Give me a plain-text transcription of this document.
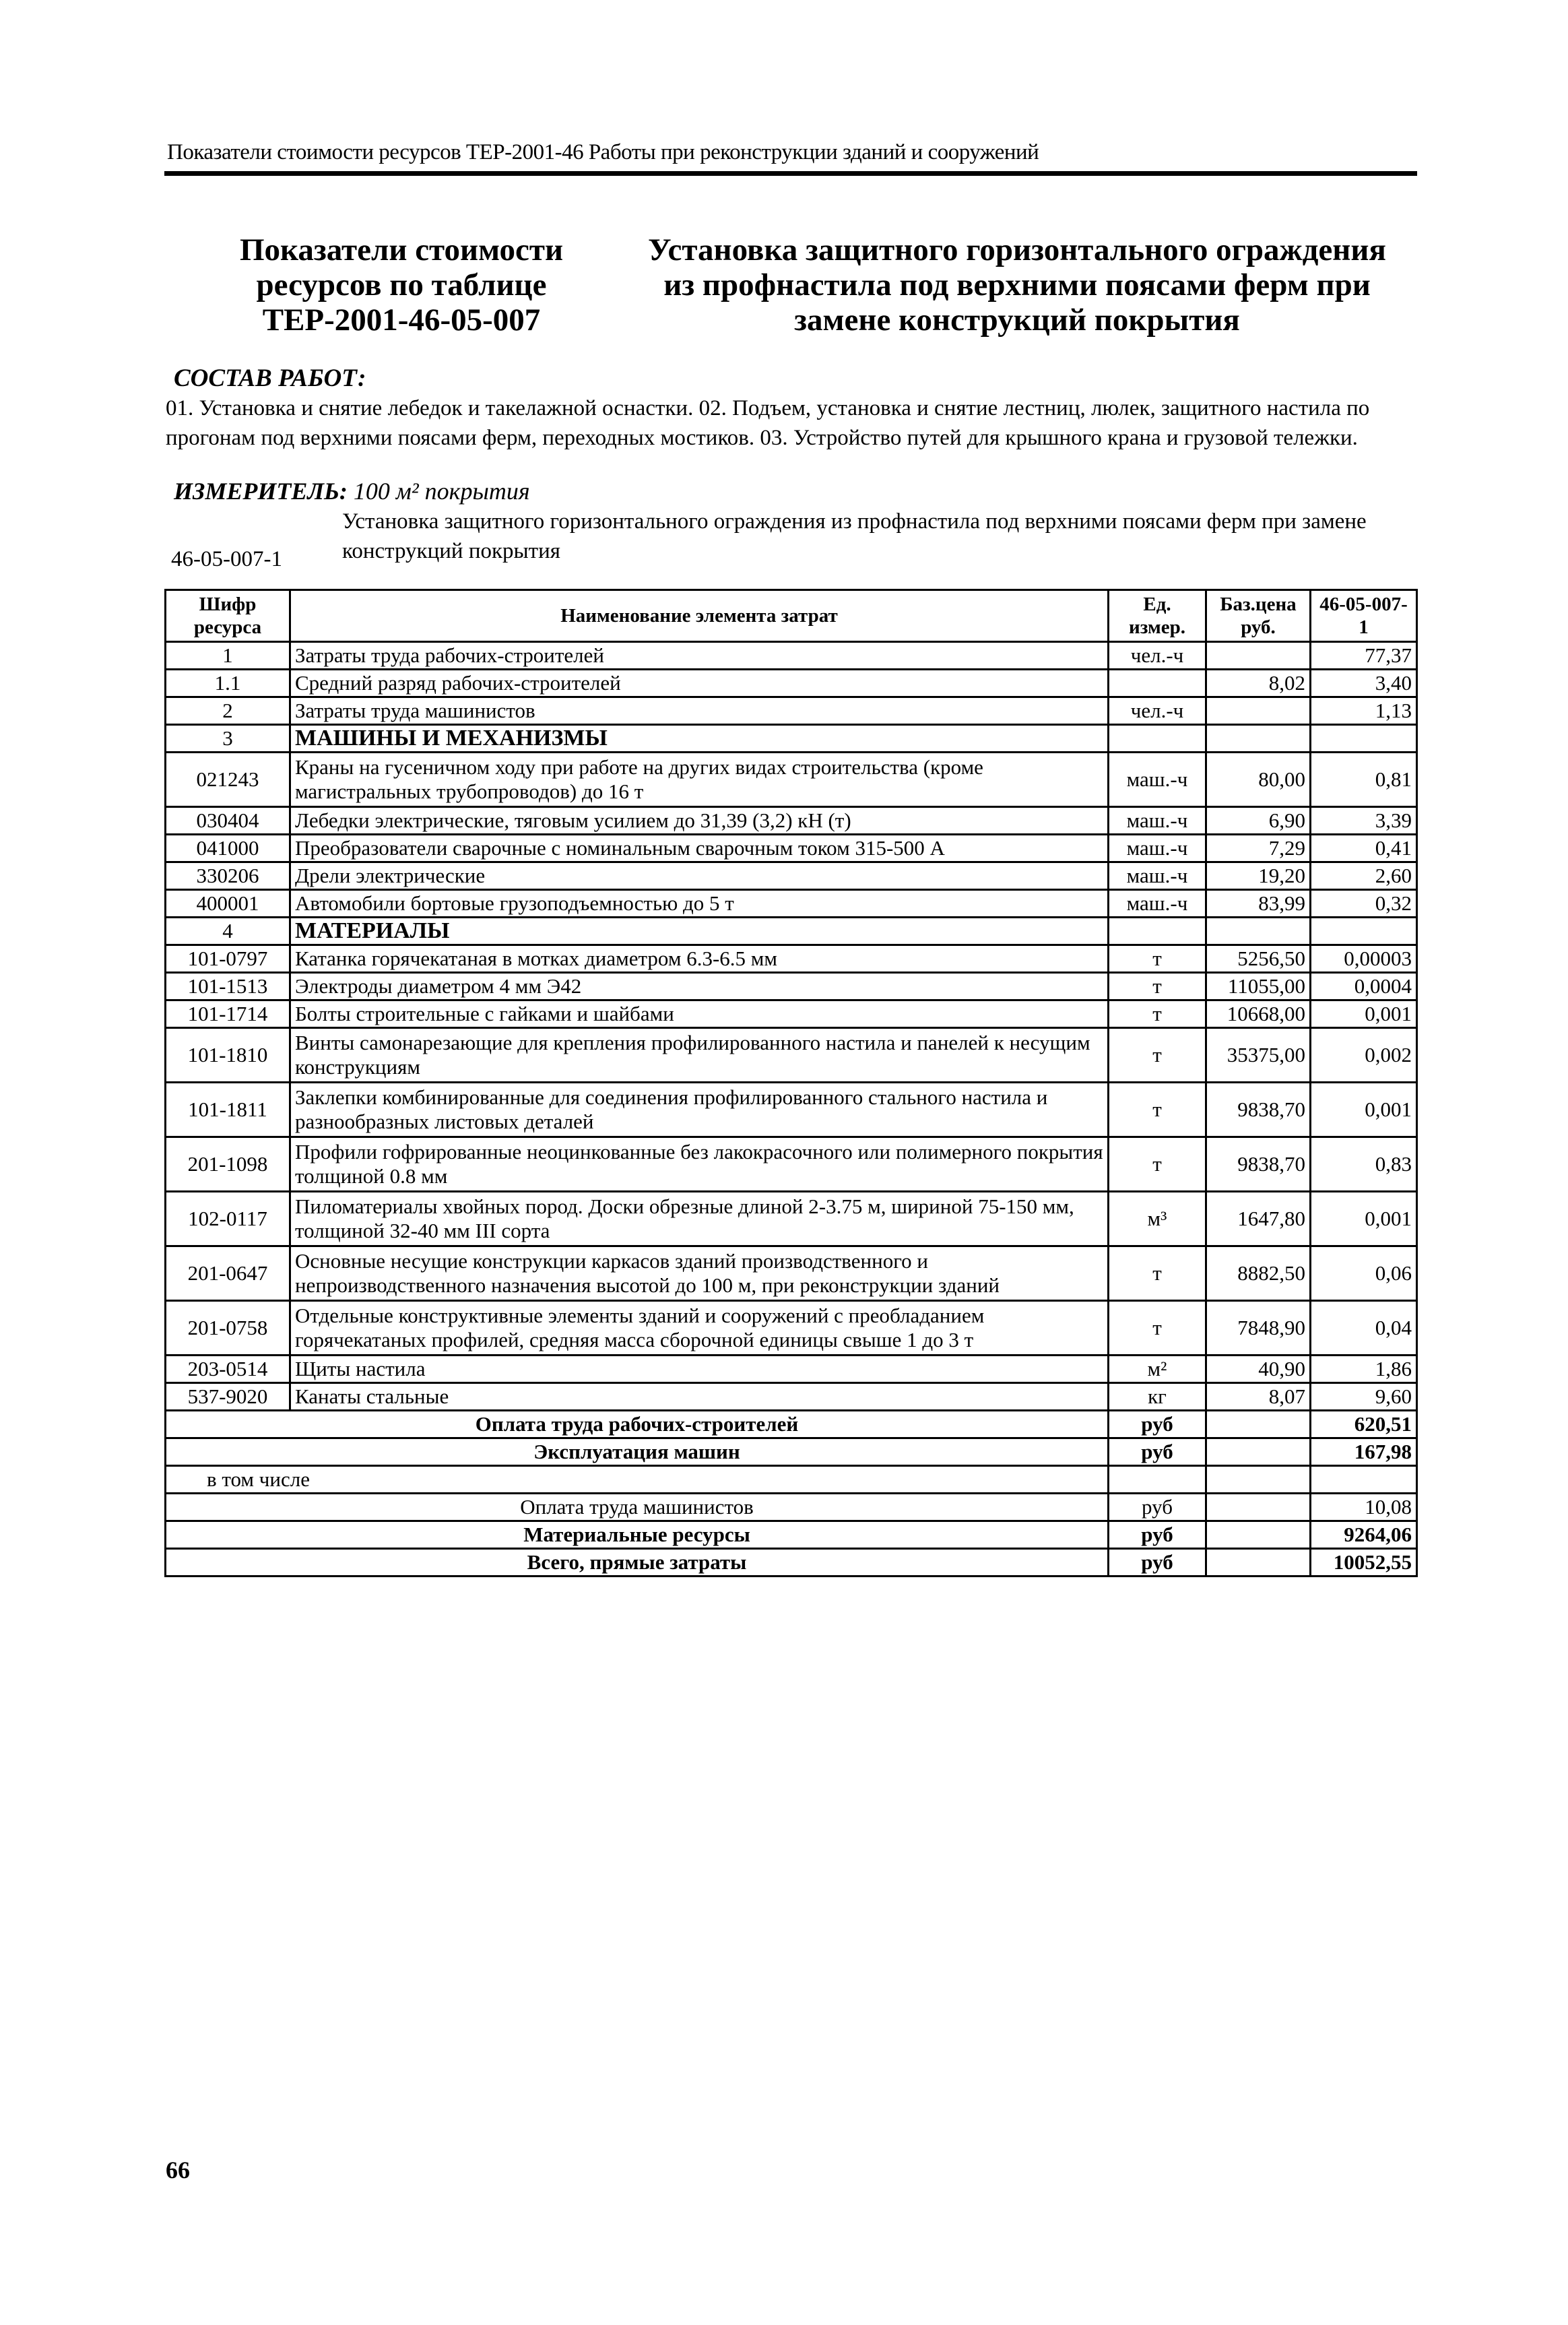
Показатели стоимости ресурсов ТЕР-2001-46 Работы при реконструкции зданий и сооружений
Показатели стоимости ресурсов по таблице ТЕР-2001-46-05-007
Установка защитного горизонтального ограждения из профнастила под верхними поясами ферм при замене конструкций покрытия
СОСТАВ РАБОТ:
01. Установка и снятие лебедок и такелажной оснастки. 02. Подъем, установка и снятие лестниц, люлек, защитного настила по прогонам под верхними поясами ферм, переходных мостиков. 03. Устройство путей для крышного крана и грузовой тележки.
ИЗМЕРИТЕЛЬ: 100 м² покрытия
46-05-007-1
Установка защитного горизонтального ограждения из профнастила под верхними поясами ферм при замене конструкций покрытия
Шифр ресурса	Наименование элемента затрат	Ед. измер.	Баз.цена руб.	46-05-007-1
1	Затраты труда рабочих-строителей	чел.-ч		77,37
1.1	Средний разряд рабочих-строителей		8,02	3,40
2	Затраты труда машинистов	чел.-ч		1,13
3	МАШИНЫ И МЕХАНИЗМЫ			
021243	Краны на гусеничном ходу при работе на других видах строительства (кроме магистральных трубопроводов) до 16 т	маш.-ч	80,00	0,81
030404	Лебедки электрические, тяговым усилием до 31,39 (3,2) кН (т)	маш.-ч	6,90	3,39
041000	Преобразователи сварочные с номинальным сварочным током 315-500 А	маш.-ч	7,29	0,41
330206	Дрели электрические	маш.-ч	19,20	2,60
400001	Автомобили бортовые грузоподъемностью до 5 т	маш.-ч	83,99	0,32
4	МАТЕРИАЛЫ			
101-0797	Катанка горячекатаная в мотках диаметром 6.3-6.5 мм	т	5256,50	0,00003
101-1513	Электроды диаметром 4 мм Э42	т	11055,00	0,0004
101-1714	Болты строительные с гайками и шайбами	т	10668,00	0,001
101-1810	Винты самонарезающие для крепления профилированного настила и панелей к несущим конструкциям	т	35375,00	0,002
101-1811	Заклепки комбинированные для соединения профилированного стального настила и разнообразных листовых деталей	т	9838,70	0,001
201-1098	Профили гофрированные неоцинкованные без лакокрасочного или полимерного покрытия толщиной 0.8 мм	т	9838,70	0,83
102-0117	Пиломатериалы хвойных пород. Доски обрезные длиной 2-3.75 м, шириной 75-150 мм, толщиной 32-40 мм III сорта	м³	1647,80	0,001
201-0647	Основные несущие конструкции каркасов зданий производственного и непроизводственного назначения высотой до 100 м, при реконструкции зданий	т	8882,50	0,06
201-0758	Отдельные конструктивные элементы зданий и сооружений с преобладанием горячекатаных профилей, средняя масса сборочной единицы свыше 1 до 3 т	т	7848,90	0,04
203-0514	Щиты настила	м²	40,90	1,86
537-9020	Канаты стальные	кг	8,07	9,60
Оплата труда рабочих-строителей		руб		620,51
Эксплуатация машин		руб		167,98
в том числе				
Оплата труда машинистов		руб		10,08
Материальные ресурсы		руб		9264,06
Всего, прямые затраты		руб		10052,55
66
